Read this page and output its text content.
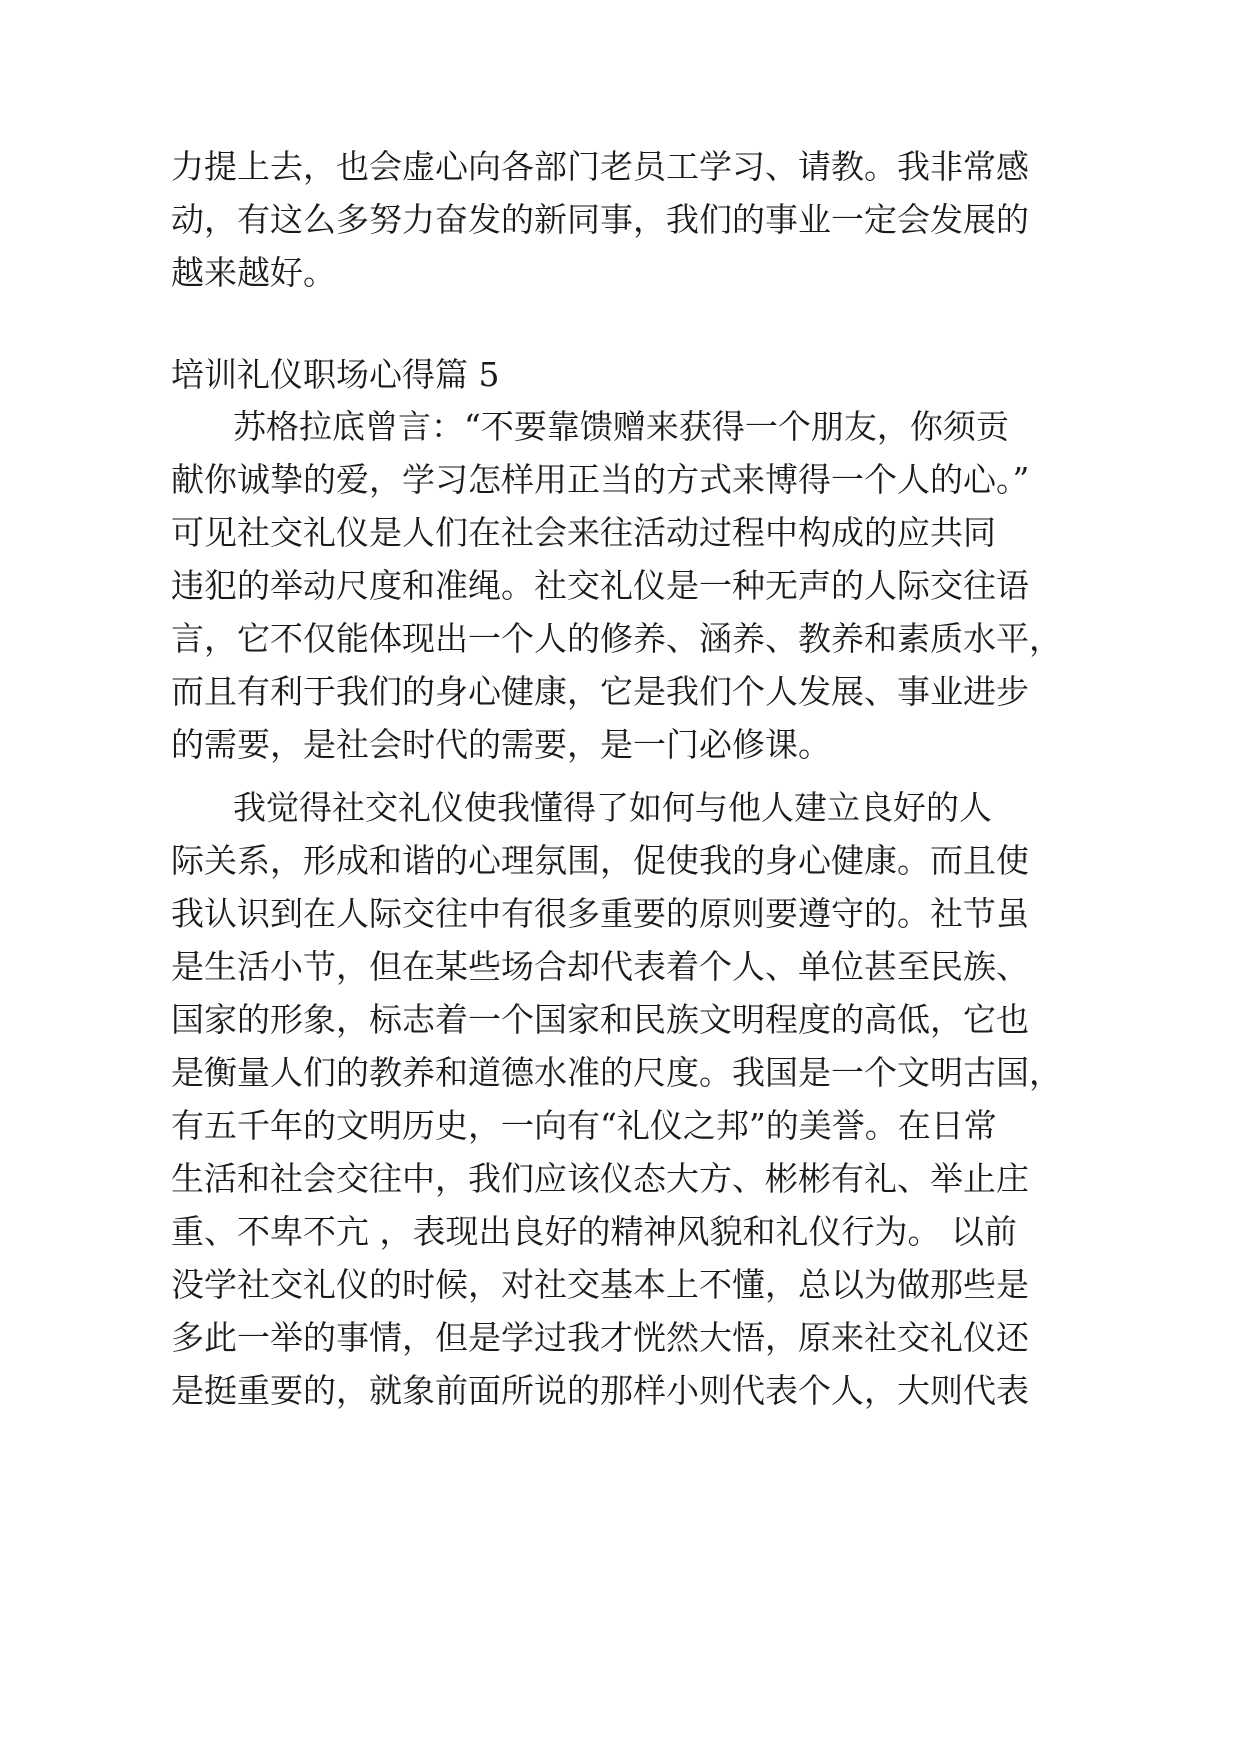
力提上去，也会虚心向各部门老员工学习、请教。我非常感

动，有这么多努力奋发的新同事，我们的事业一定会发展的

越来越好。

培训礼仪职场心得篇 5

苏格拉底曾言：“不要靠馈赠来获得一个朋友，你须贡

献你诚挚的爱，学习怎样用正当的方式来博得一个人的心。”

可见社交礼仪是人们在社会来往活动过程中构成的应共同

违犯的举动尺度和准绳。社交礼仪是一种无声的人际交往语

言，它不仅能体现出一个人的修养、涵养、教养和素质水平，

而且有利于我们的身心健康，它是我们个人发展、事业进步

的需要，是社会时代的需要，是一门必修课。

我觉得社交礼仪使我懂得了如何与他人建立良好的人

际关系，形成和谐的心理氛围，促使我的身心健康。而且使

我认识到在人际交往中有很多重要的原则要遵守的。社节虽

是生活小节，但在某些场合却代表着个人、单位甚至民族、

国家的形象，标志着一个国家和民族文明程度的高低，它也

是衡量人们的教养和道德水准的尺度。我国是一个文明古国，

有五千年的文明历史，一向有“礼仪之邦”的美誉。在日常

生活和社会交往中，我们应该仪态大方、彬彬有礼、举止庄

重、不卑不亢 ，表现出良好的精神风貌和礼仪行为。 以前

没学社交礼仪的时候，对社交基本上不懂，总以为做那些是

多此一举的事情，但是学过我才恍然大悟，原来社交礼仪还

是挺重要的，就象前面所说的那样小则代表个人，大则代表
